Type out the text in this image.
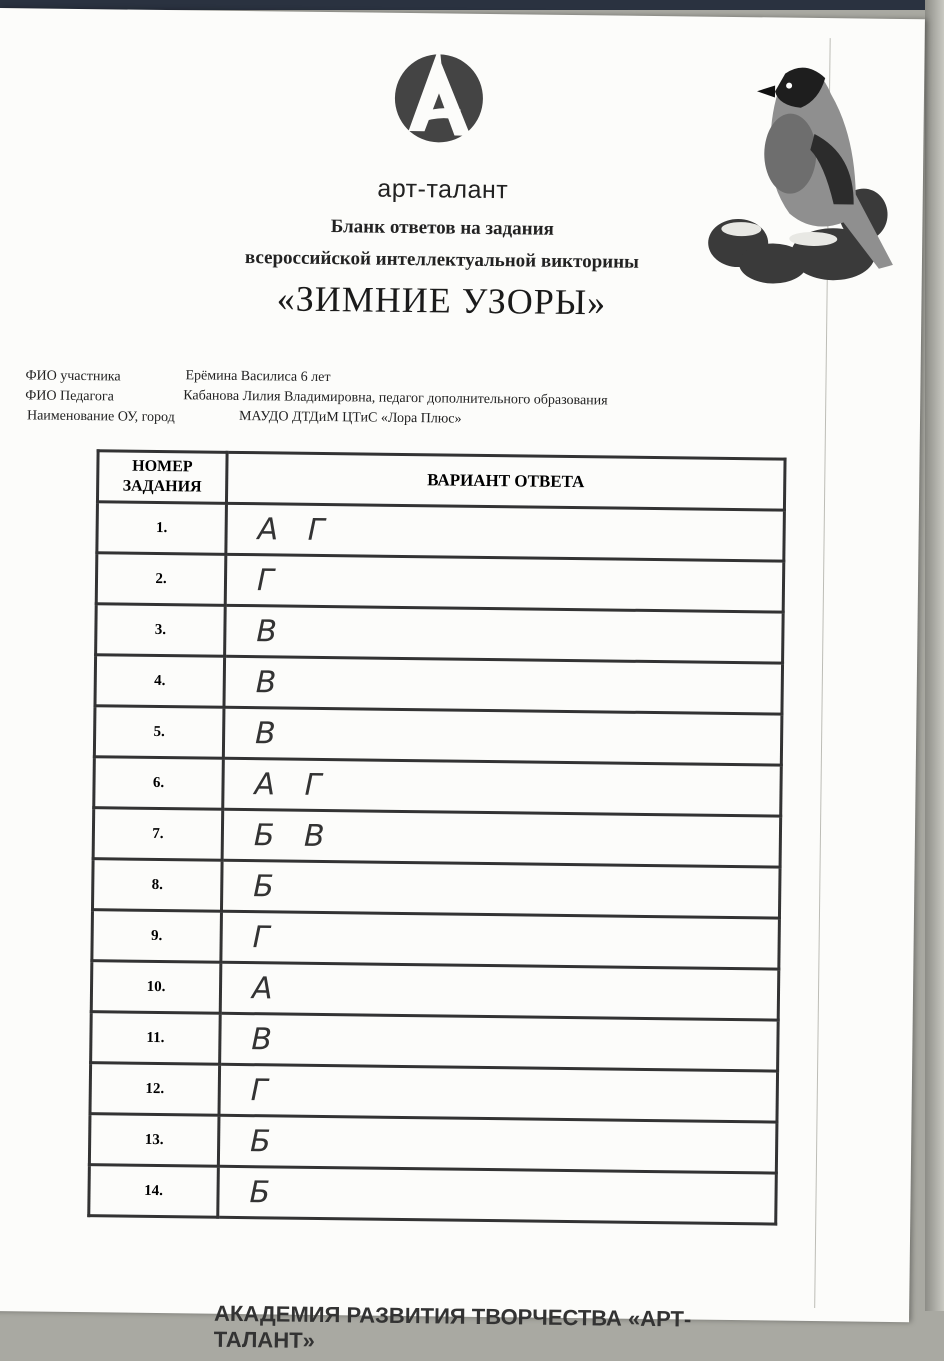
арт-талант
Бланк ответов на задания
всероссийской интеллектуальной викторины
«ЗИМНИЕ УЗОРЫ»
ФИО участника	Ерёмина Василиса 6 лет
ФИО Педагога	Кабанова Лилия Владимировна, педагог дополнительного образования
Наименование ОУ, город	МАУДО ДТДиМ ЦТиС «Лора Плюс»
НОМЕР ЗАДАНИЯ	ВАРИАНТ ОТВЕТА
1.	А Г
2.	Г
3.	В
4.	В
5.	В
6.	А Г
7.	Б В
8.	Б
9.	Г
10.	А
11.	В
12.	Г
13.	Б
14.	Б
АКАДЕМИЯ РАЗВИТИЯ ТВОРЧЕСТВА «АРТ-ТАЛАНТ»
